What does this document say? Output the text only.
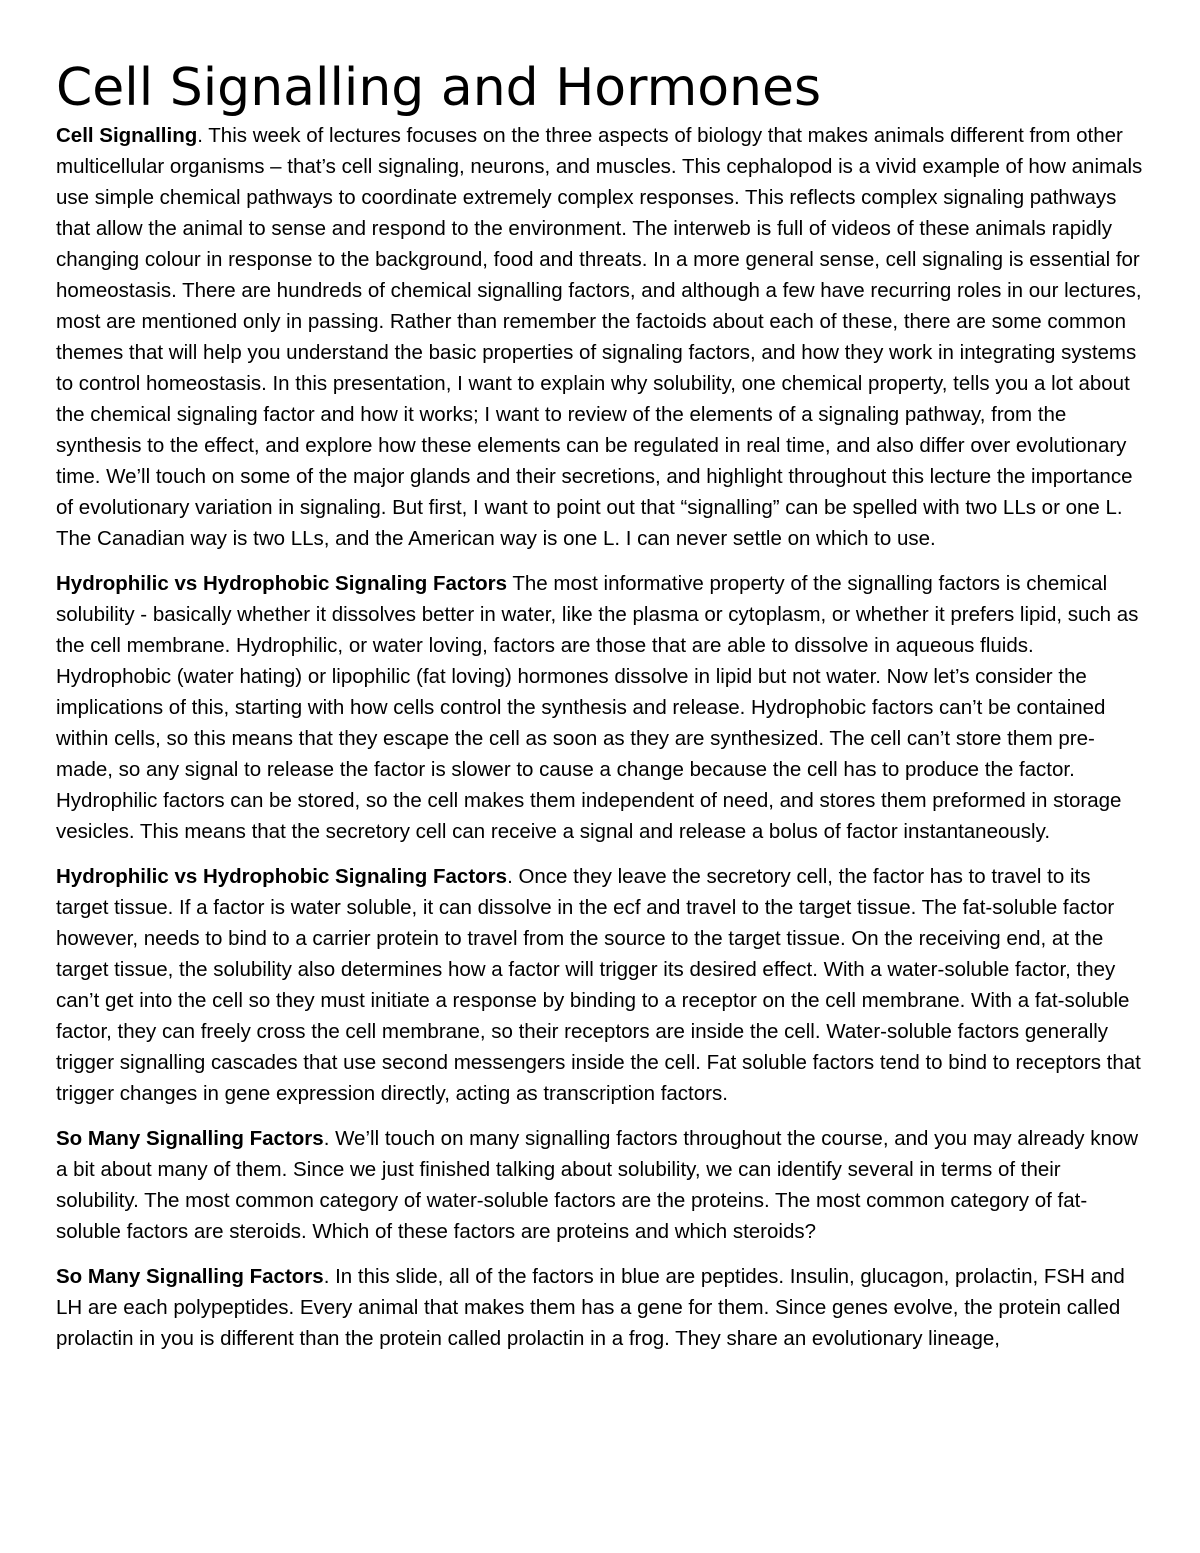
Cell Signalling and Hormones

Cell Signalling. This week of lectures focuses on the three aspects of biology that makes animals different from other multicellular organisms – that’s cell signaling, neurons, and muscles. This cephalopod is a vivid example of how animals use simple chemical pathways to coordinate extremely complex responses. This reflects complex signaling pathways that allow the animal to sense and respond to the environment. The interweb is full of videos of these animals rapidly changing colour in response to the background, food and threats. In a more general sense, cell signaling is essential for homeostasis. There are hundreds of chemical signalling factors, and although a few have recurring roles in our lectures, most are mentioned only in passing. Rather than remember the factoids about each of these, there are some common themes that will help you understand the basic properties of signaling factors, and how they work in integrating systems to control homeostasis. In this presentation, I want to explain why solubility, one chemical property, tells you a lot about the chemical signaling factor and how it works; I want to review of the elements of a signaling pathway, from the synthesis to the effect, and explore how these elements can be regulated in real time, and also differ over evolutionary time. We’ll touch on some of the major glands and their secretions, and highlight throughout this lecture the importance of evolutionary variation in signaling. But first, I want to point out that “signalling” can be spelled with two LLs or one L. The Canadian way is two LLs, and the American way is one L. I can never settle on which to use.

Hydrophilic vs Hydrophobic Signaling Factors The most informative property of the signalling factors is chemical solubility - basically whether it dissolves better in water, like the plasma or cytoplasm, or whether it prefers lipid, such as the cell membrane. Hydrophilic, or water loving, factors are those that are able to dissolve in aqueous fluids. Hydrophobic (water hating) or lipophilic (fat loving) hormones dissolve in lipid but not water. Now let’s consider the implications of this, starting with how cells control the synthesis and release. Hydrophobic factors can’t be contained within cells, so this means that they escape the cell as soon as they are synthesized. The cell can’t store them pre-made, so any signal to release the factor is slower to cause a change because the cell has to produce the factor. Hydrophilic factors can be stored, so the cell makes them independent of need, and stores them preformed in storage vesicles. This means that the secretory cell can receive a signal and release a bolus of factor instantaneously.

Hydrophilic vs Hydrophobic Signaling Factors. Once they leave the secretory cell, the factor has to travel to its target tissue. If a factor is water soluble, it can dissolve in the ecf and travel to the target tissue. The fat-soluble factor however, needs to bind to a carrier protein to travel from the source to the target tissue. On the receiving end, at the target tissue, the solubility also determines how a factor will trigger its desired effect. With a water-soluble factor, they can’t get into the cell so they must initiate a response by binding to a receptor on the cell membrane. With a fat-soluble factor, they can freely cross the cell membrane, so their receptors are inside the cell. Water-soluble factors generally trigger signalling cascades that use second messengers inside the cell. Fat soluble factors tend to bind to receptors that trigger changes in gene expression directly, acting as transcription factors.

So Many Signalling Factors. We’ll touch on many signalling factors throughout the course, and you may already know a bit about many of them. Since we just finished talking about solubility, we can identify several in terms of their solubility. The most common category of water-soluble factors are the proteins. The most common category of fat-soluble factors are steroids. Which of these factors are proteins and which steroids?

So Many Signalling Factors. In this slide, all of the factors in blue are peptides. Insulin, glucagon, prolactin, FSH and LH are each polypeptides. Every animal that makes them has a gene for them. Since genes evolve, the protein called prolactin in you is different than the protein called prolactin in a frog. They share an evolutionary lineage,
